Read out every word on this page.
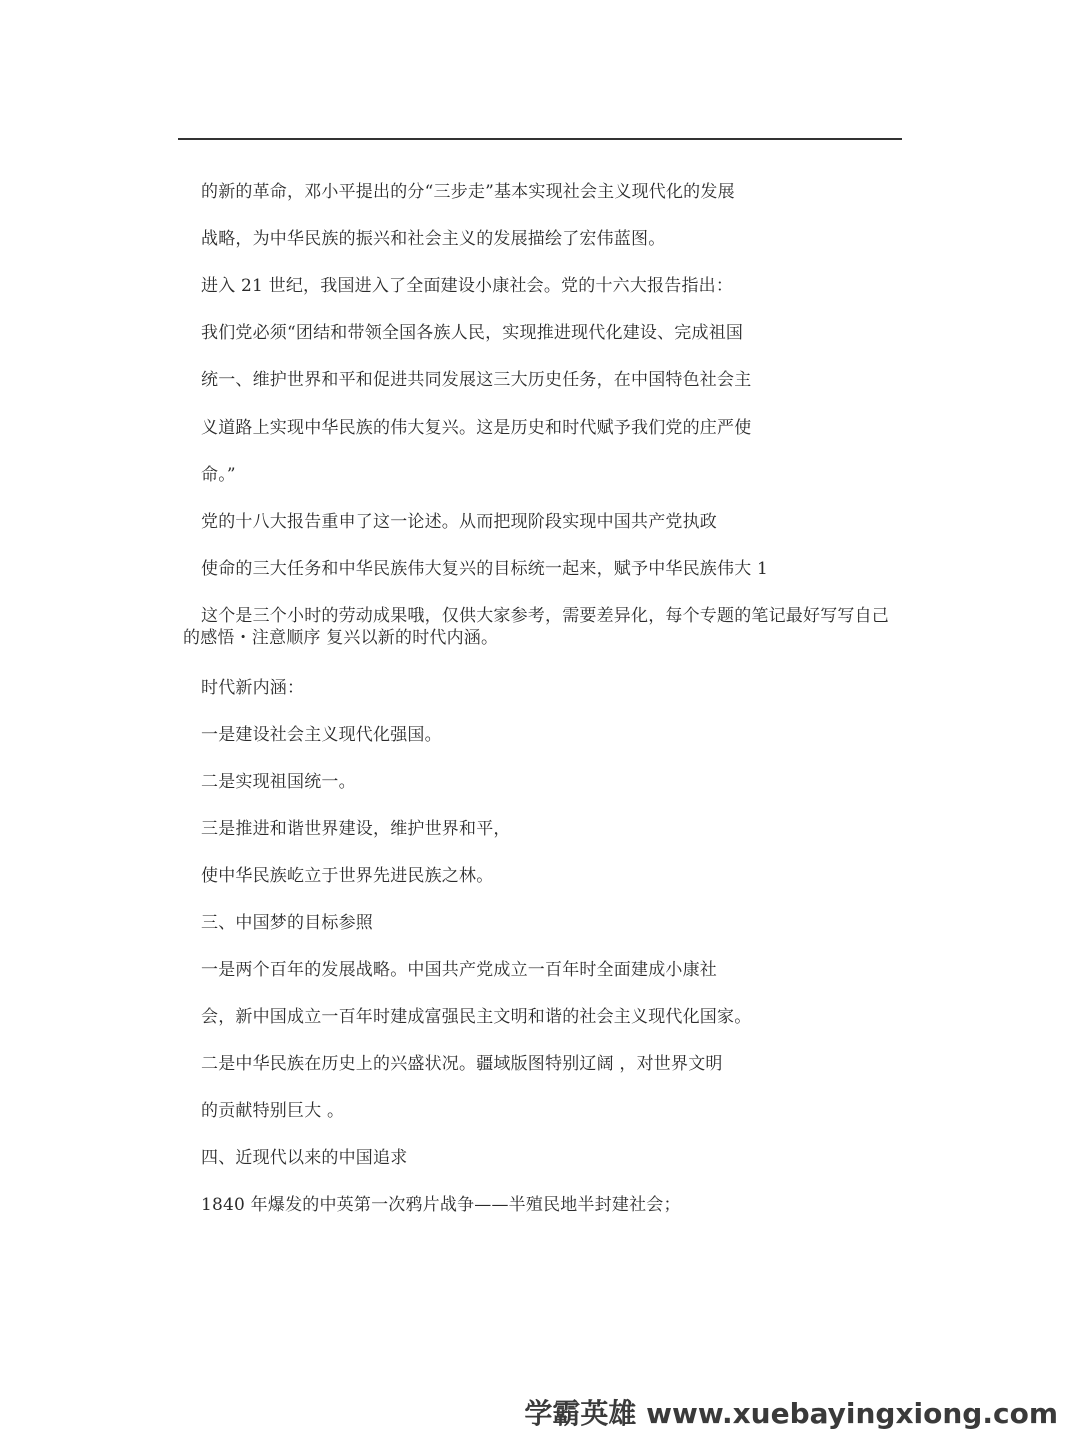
的新的革命，邓小平提出的分“三步走”基本实现社会主义现代化的发展
战略，为中华民族的振兴和社会主义的发展描绘了宏伟蓝图。
进入 21 世纪，我国进入了全面建设小康社会。党的十六大报告指出：
我们党必须“团结和带领全国各族人民，实现推进现代化建设、完成祖国
统一、维护世界和平和促进共同发展这三大历史任务，在中国特色社会主
义道路上实现中华民族的伟大复兴。这是历史和时代赋予我们党的庄严使
命。”
党的十八大报告重申了这一论述。从而把现阶段实现中国共产党执政
使命的三大任务和中华民族伟大复兴的目标统一起来，赋予中华民族伟大 1
这个是三个小时的劳动成果哦，仅供大家参考，需要差异化，每个专题的笔记最好写写自己的感悟・注意顺序 复兴以新的时代内涵。
时代新内涵：
一是建设社会主义现代化强国。
二是实现祖国统一。
三是推进和谐世界建设，维护世界和平，
使中华民族屹立于世界先进民族之林。
三、中国梦的目标参照
一是两个百年的发展战略。中国共产党成立一百年时全面建成小康社
会，新中国成立一百年时建成富强民主文明和谐的社会主义现代化国家。
二是中华民族在历史上的兴盛状况。疆域版图特别辽阔 ，对世界文明
的贡献特别巨大 。
四、近现代以来的中国追求
1840 年爆发的中英第一次鸦片战争——半殖民地半封建社会；
学霸英雄 www.xuebayingxiong.com
